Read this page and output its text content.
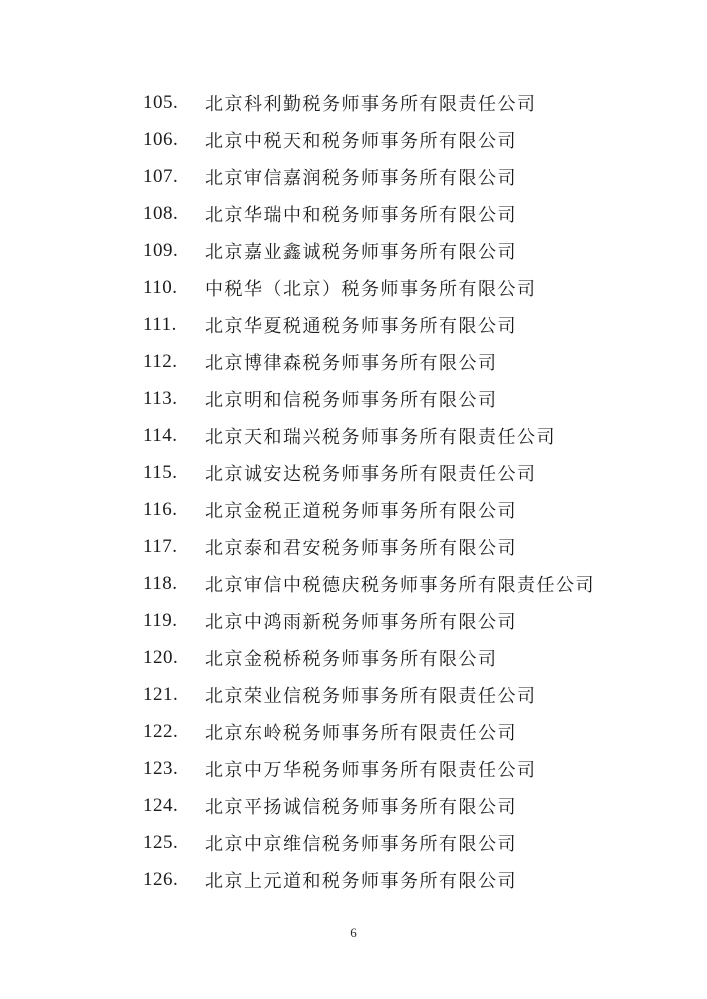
105.	北京科利勤税务师事务所有限责任公司
106.	北京中税天和税务师事务所有限公司
107.	北京审信嘉润税务师事务所有限公司
108.	北京华瑞中和税务师事务所有限公司
109.	北京嘉业鑫诚税务师事务所有限公司
110.	中税华（北京）税务师事务所有限公司
111.	北京华夏税通税务师事务所有限公司
112.	北京博律森税务师事务所有限公司
113.	北京明和信税务师事务所有限公司
114.	北京天和瑞兴税务师事务所有限责任公司
115.	北京诚安达税务师事务所有限责任公司
116.	北京金税正道税务师事务所有限公司
117.	北京泰和君安税务师事务所有限公司
118.	北京审信中税德庆税务师事务所有限责任公司
119.	北京中鸿雨新税务师事务所有限公司
120.	北京金税桥税务师事务所有限公司
121.	北京荣业信税务师事务所有限责任公司
122.	北京东岭税务师事务所有限责任公司
123.	北京中万华税务师事务所有限责任公司
124.	北京平扬诚信税务师事务所有限公司
125.	北京中京维信税务师事务所有限公司
126.	北京上元道和税务师事务所有限公司
6
